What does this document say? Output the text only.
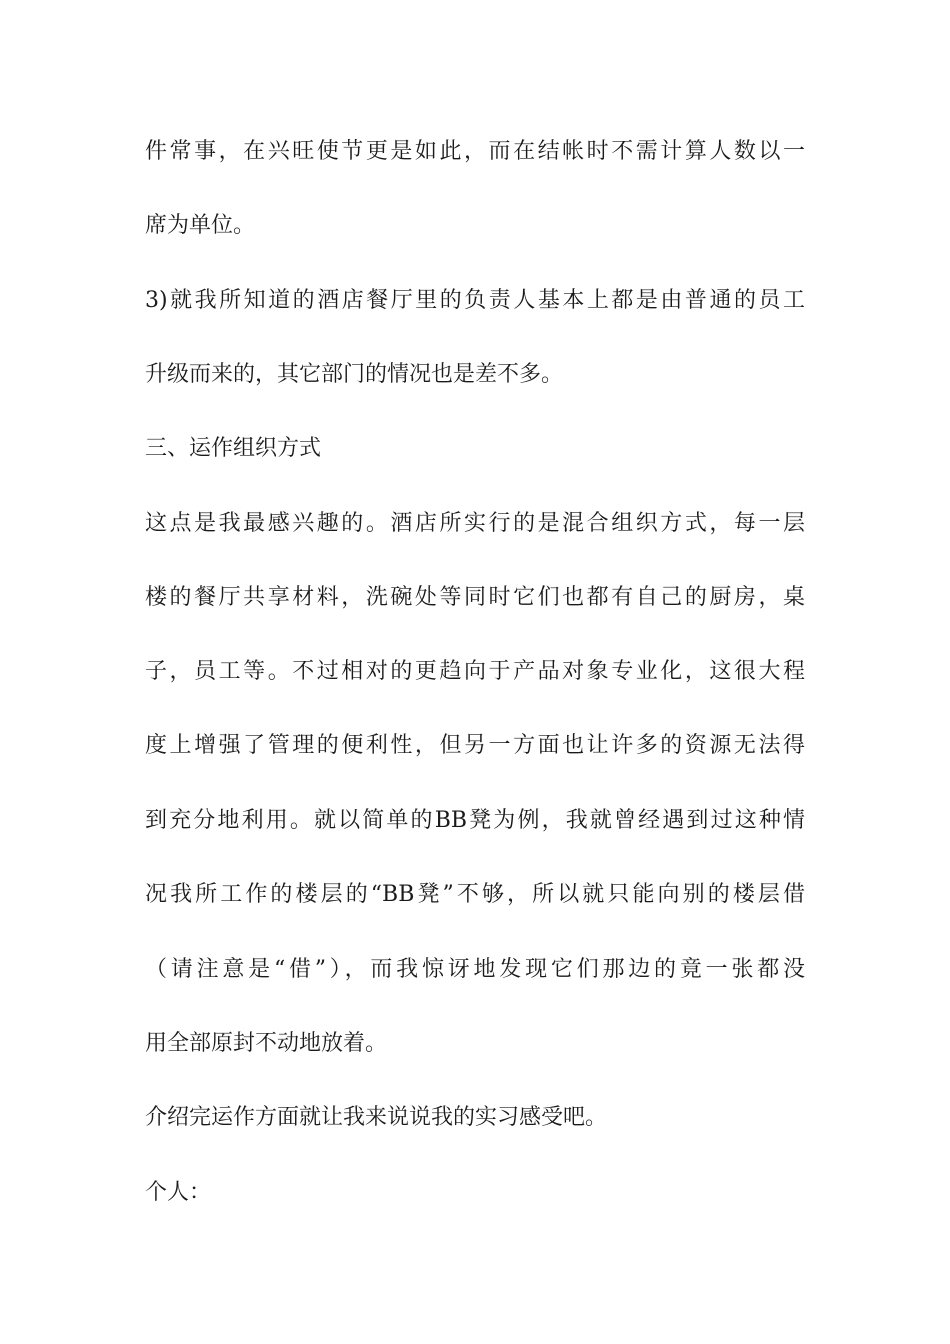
件常事，在兴旺使节更是如此，而在结帐时不需计算人数以一

席为单位。

3)就我所知道的酒店餐厅里的负责人基本上都是由普通的员工

升级而来的，其它部门的情况也是差不多。

三、运作组织方式

这点是我最感兴趣的。酒店所实行的是混合组织方式，每一层

楼的餐厅共享材料，洗碗处等同时它们也都有自己的厨房，桌

子，员工等。不过相对的更趋向于产品对象专业化，这很大程

度上增强了管理的便利性，但另一方面也让许多的资源无法得

到充分地利用。就以简单的BB凳为例，我就曾经遇到过这种情

况我所工作的楼层的“BB凳”不够，所以就只能向别的楼层借

（请注意是“借”），而我惊讶地发现它们那边的竟一张都没

用全部原封不动地放着。

介绍完运作方面就让我来说说我的实习感受吧。

个人：
